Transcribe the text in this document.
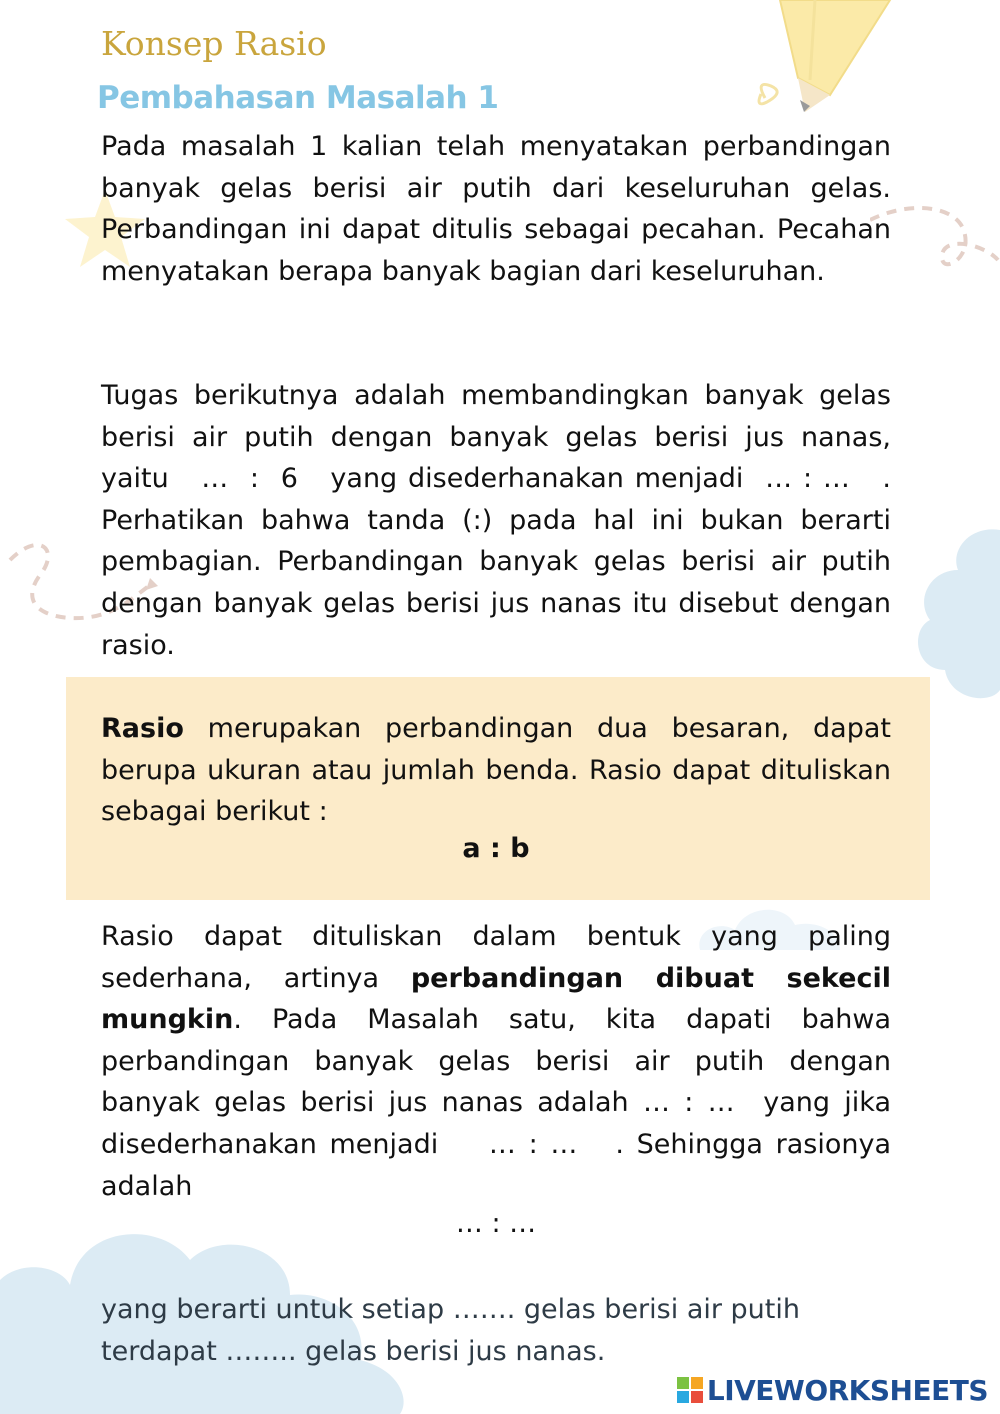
Konsep Rasio
Pembahasan Masalah 1

Pada masalah 1 kalian telah menyatakan perbandingan banyak gelas berisi air putih dari keseluruhan gelas. Perbandingan ini dapat ditulis sebagai pecahan. Pecahan menyatakan berapa banyak bagian dari keseluruhan.

Tugas berikutnya adalah membandingkan banyak gelas berisi air putih dengan banyak gelas berisi jus nanas, yaitu   …  :  6   yang disederhanakan menjadi  … : …   . Perhatikan bahwa tanda (:) pada hal ini bukan berarti pembagian. Perbandingan banyak gelas berisi air putih dengan banyak gelas berisi jus nanas itu disebut dengan rasio.

Rasio merupakan perbandingan dua besaran, dapat berupa ukuran atau jumlah benda. Rasio dapat dituliskan sebagai berikut :

a : b

Rasio dapat dituliskan dalam bentuk yang paling sederhana, artinya perbandingan dibuat sekecil mungkin. Pada Masalah satu, kita dapati bahwa perbandingan banyak gelas berisi air putih dengan banyak gelas berisi jus nanas adalah … : …  yang jika disederhanakan menjadi    … : …   . Sehingga rasionya adalah

… : …

yang berarti untuk setiap ……. gelas berisi air putih
terdapat …….. gelas berisi jus nanas.

LIVEWORKSHEETS
